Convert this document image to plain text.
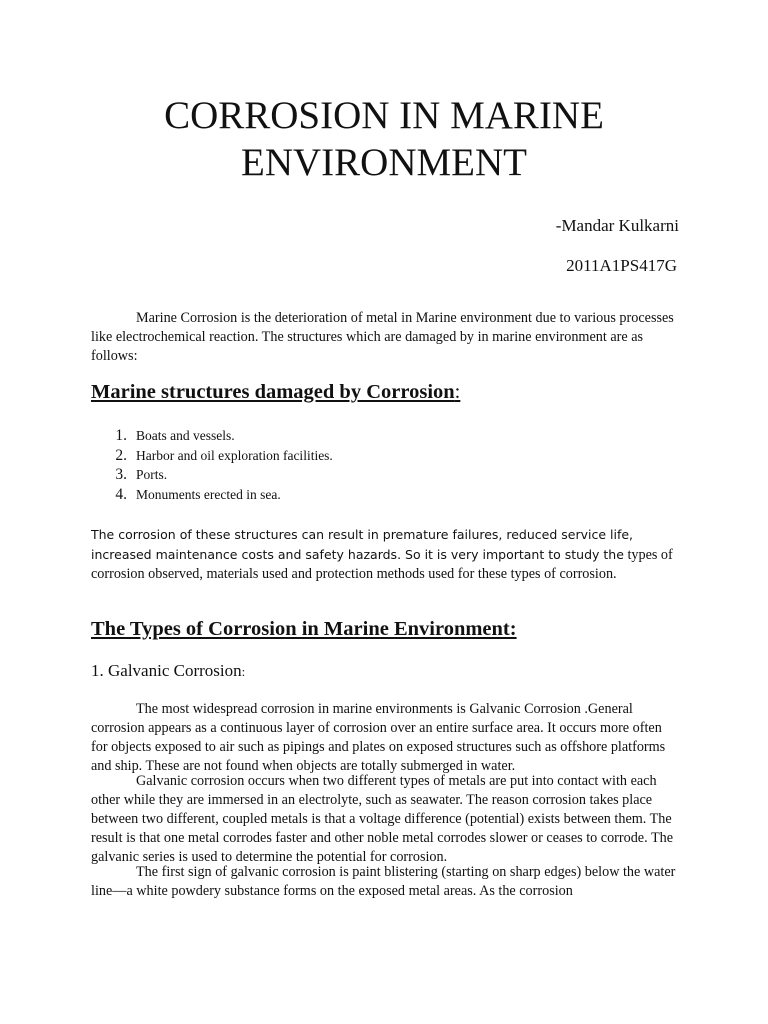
CORROSION IN MARINE
ENVIRONMENT

-Mandar Kulkarni

2011A1PS417G

Marine Corrosion is the deterioration of metal in Marine environment due to various processes like electrochemical reaction. The structures which are damaged by in marine environment are as follows:

Marine structures damaged by Corrosion:
1. Boats and vessels.
2. Harbor and oil exploration facilities.
3. Ports.
4. Monuments erected in sea.

The corrosion of these structures can result in premature failures, reduced service life, increased maintenance costs and safety hazards. So it is very important to study the types of corrosion observed, materials used and protection methods used for these types of corrosion.

The Types of Corrosion in Marine Environment:
1. Galvanic Corrosion:

The most widespread corrosion in marine environments is Galvanic Corrosion .General corrosion appears as a continuous layer of corrosion over an entire surface area. It occurs more often for objects exposed to air such as pipings and plates on exposed structures such as offshore platforms and ship. These are not found when objects are totally submerged in water.

Galvanic corrosion occurs when two different types of metals are put into contact with each other while they are immersed in an electrolyte, such as seawater. The reason corrosion takes place between two different, coupled metals is that a voltage difference (potential) exists between them. The result is that one metal corrodes faster and other noble metal corrodes slower or ceases to corrode. The galvanic series is used to determine the potential for corrosion.

The first sign of galvanic corrosion is paint blistering (starting on sharp edges) below the water line—a white powdery substance forms on the exposed metal areas. As the corrosion
